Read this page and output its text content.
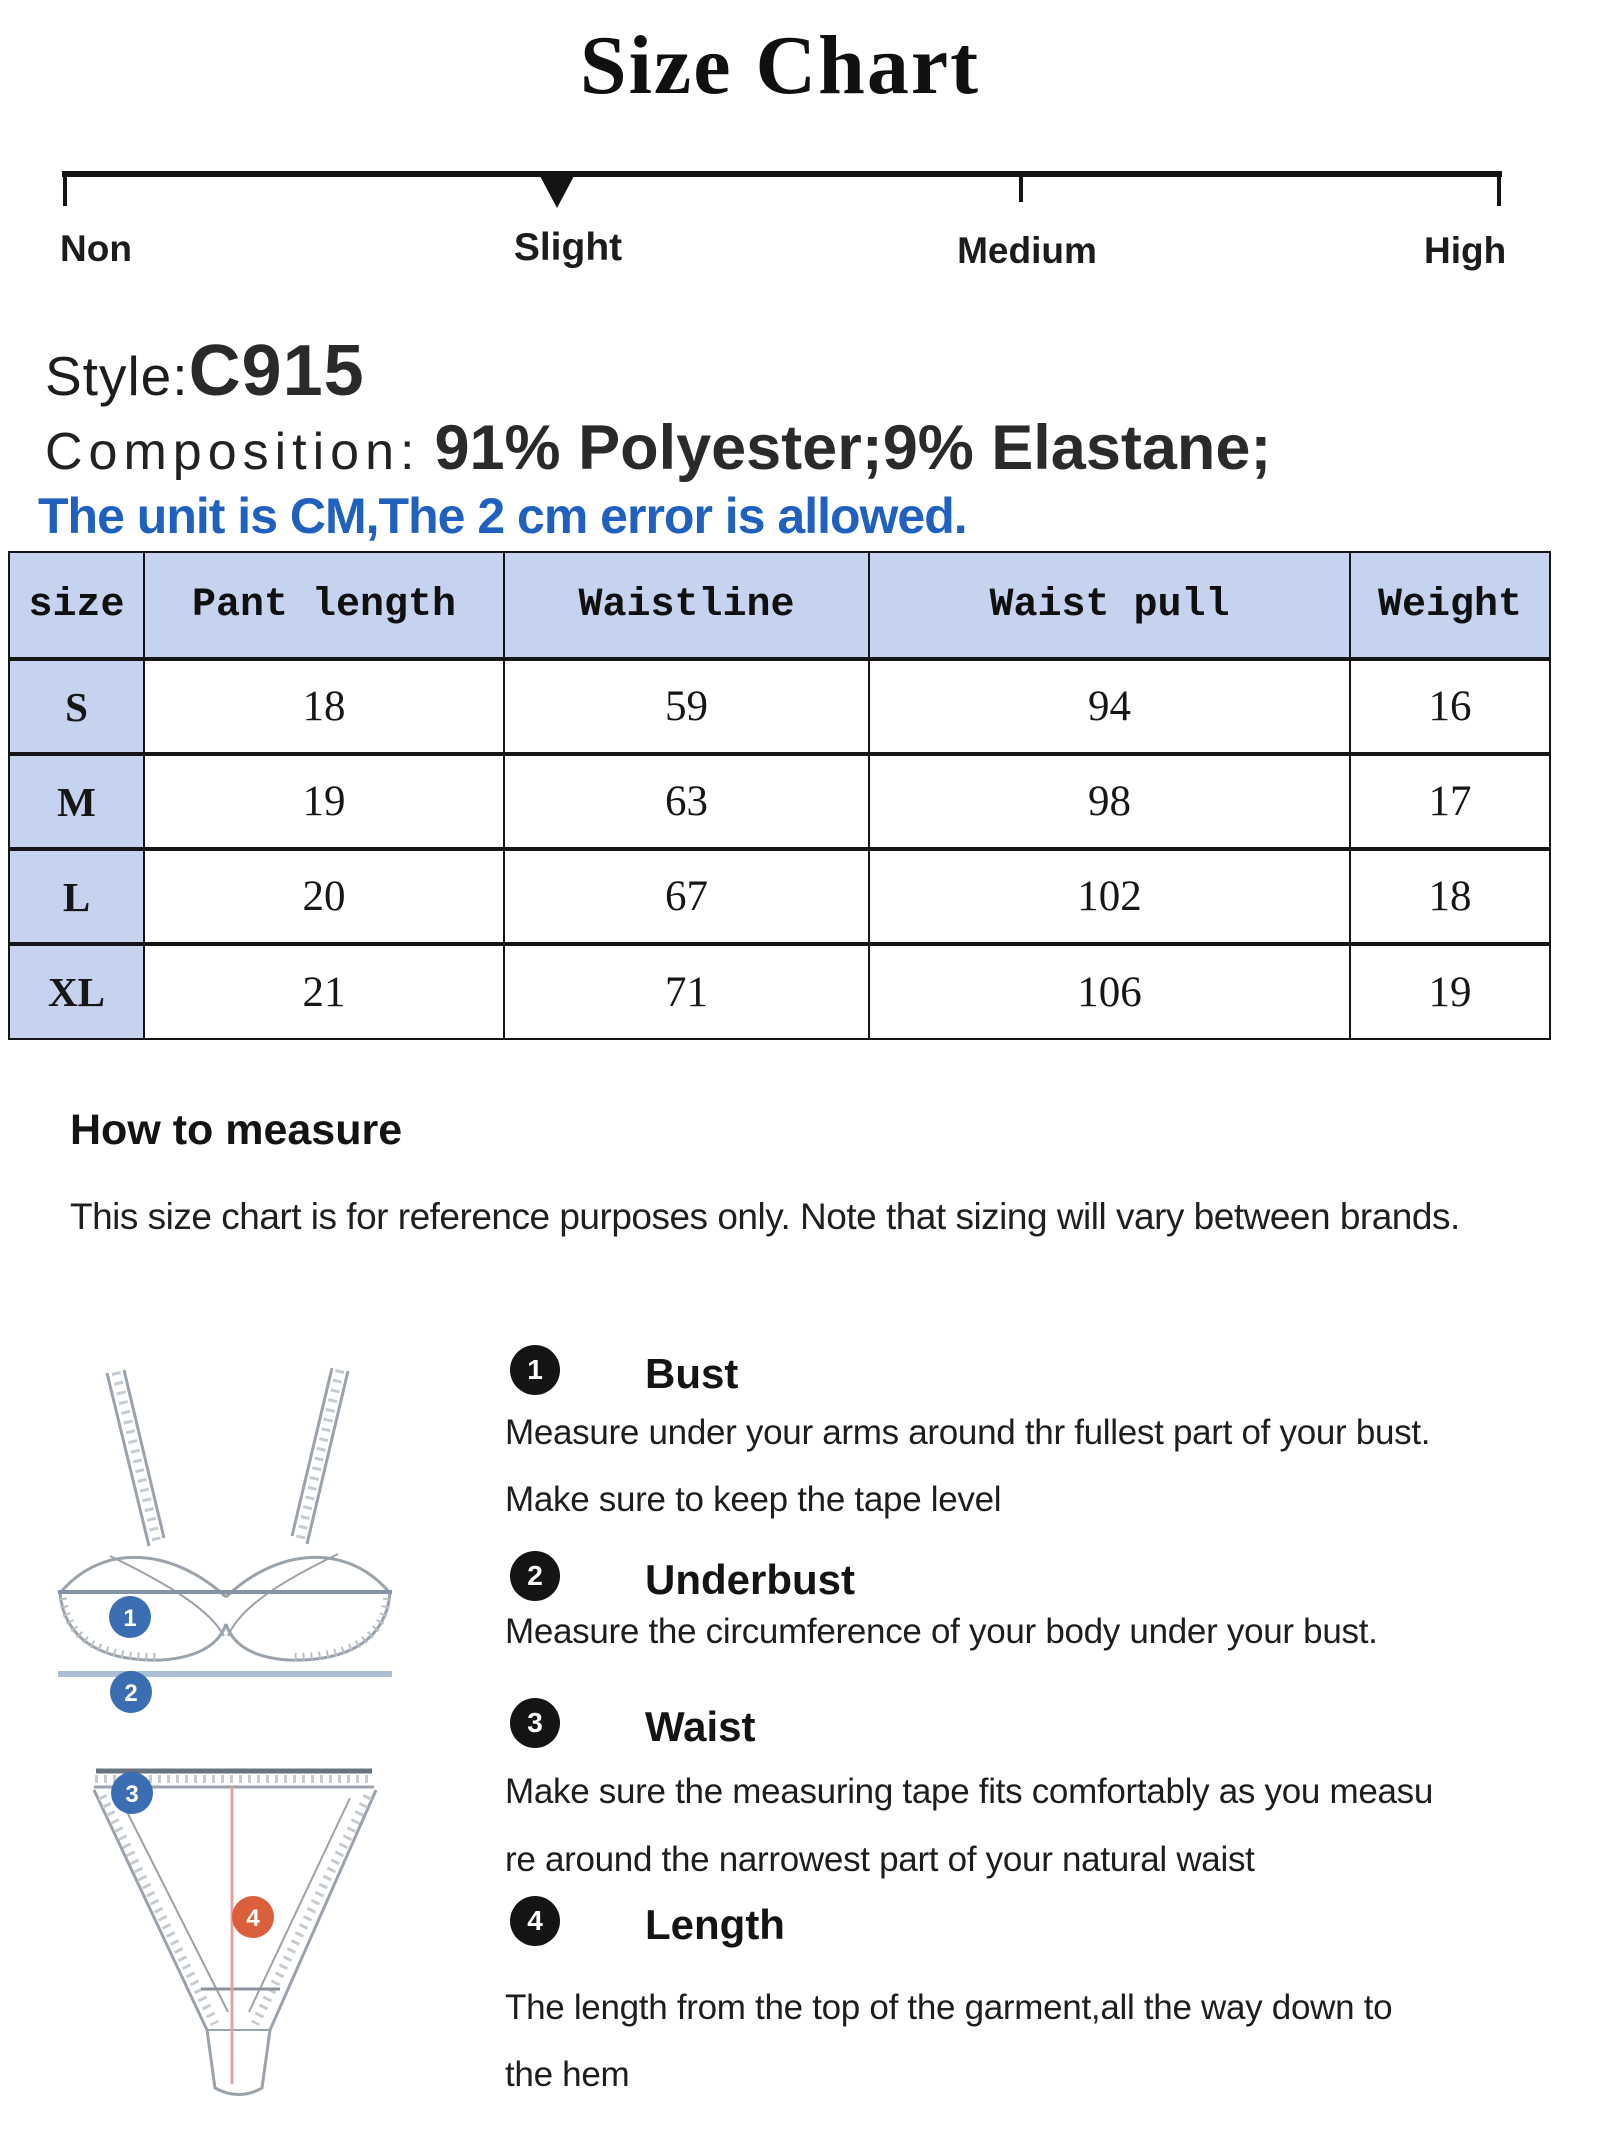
Size Chart
Non	Slight	Medium	High
Style: C915
Composition: 91% Polyester;9% Elastane;
The unit is CM,The 2 cm error is allowed.
size	Pant length	Waistline	Waist pull	Weight
S	18	59	94	16
M	19	63	98	17
L	20	67	102	18
XL	21	71	106	19
How to measure
This size chart is for reference purposes only. Note that sizing will vary between brands.
1
2
3
4
1	Bust
Measure under your arms around thr fullest part of your bust.
Make sure to keep the tape level
2	Underbust
Measure the circumference of your body under your bust.
3	Waist
Make sure the measuring tape fits comfortably as you measu
re around the narrowest part of your natural waist
4	Length
The length from the top of the garment,all the way down to
the hem
